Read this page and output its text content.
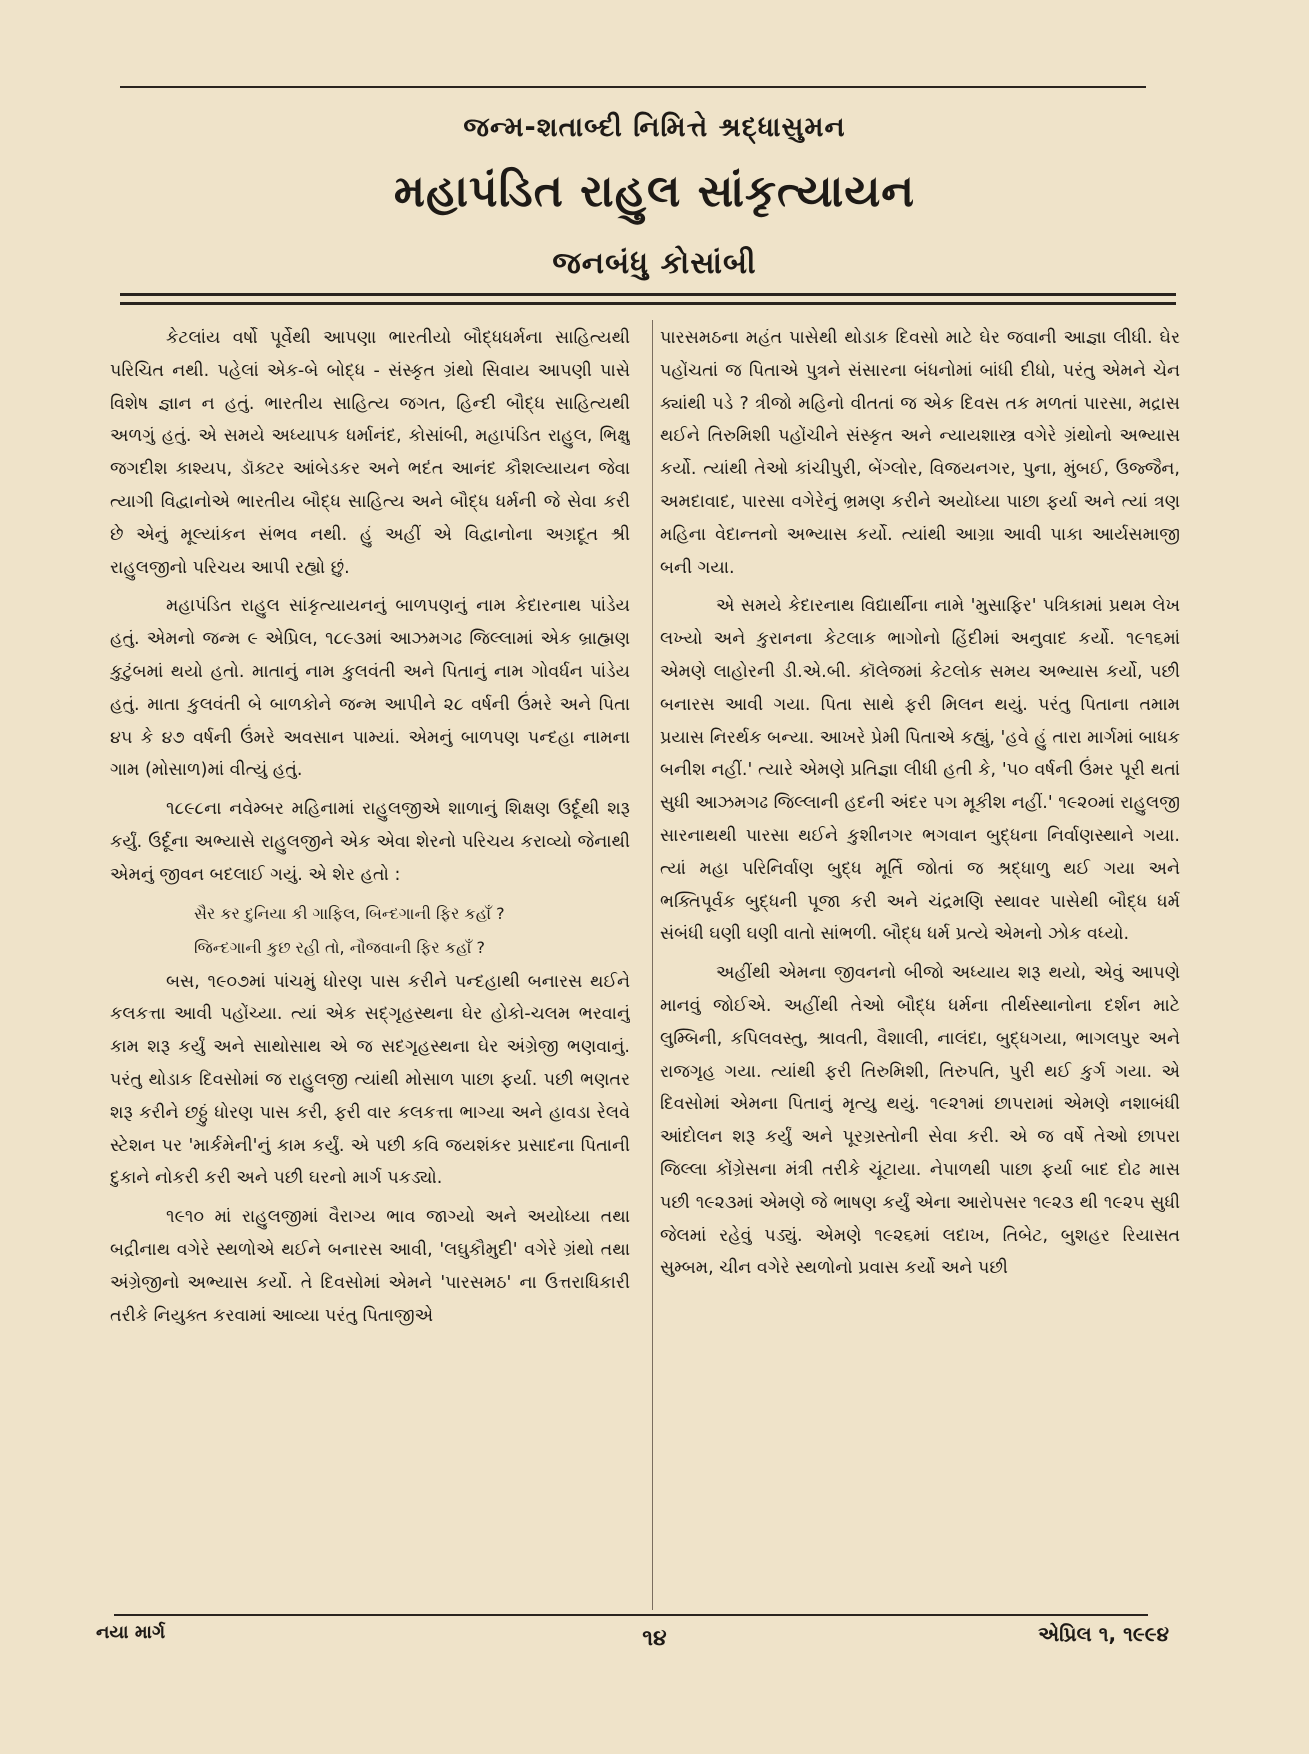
જન્મ-શતાબ્દી નિમિત્તે શ્રદ્ધાસુમન
મહાપંડિત રાહુલ સાંકૃત્યાયન
જનબંધુ કોસાંબી

કેટલાંય વર્ષો પૂર્વેથી આપણા ભારતીયો બૌદ્ધધર્મના સાહિત્યથી પરિચિત નથી. પહેલાં એક-બે બોદ્ધ - સંસ્કૃત ગ્રંથો સિવાય આપણી પાસે વિશેષ જ્ઞાન ન હતું. ભારતીય સાહિત્ય જગત, હિન્દી બૌદ્ધ સાહિત્યથી અળગું હતું. એ સમયે અધ્યાપક ધર્માનંદ, કોસાંબી, મહાપંડિત રાહુલ, ભિક્ષુ જગદીશ કાશ્યપ, ડૉક્ટર આંબેડકર અને ભદંત આનંદ કૌશલ્યાયન જેવા ત્યાગી વિદ્વાનોએ ભારતીય બૌદ્ધ સાહિત્ય અને બૌદ્ધ ધર્મની જે સેવા કરી છે એનું મૂલ્યાંકન સંભવ નથી. હું અહીં એ વિદ્વાનોના અગ્રદૂત શ્રી રાહુલજીનો પરિચય આપી રહ્યો છું.

મહાપંડિત રાહુલ સાંકૃત્યાયનનું બાળપણનું નામ કેદારનાથ પાંડેય હતું. એમનો જન્મ ૯ એપ્રિલ, ૧૮૯૩માં આઝમગઢ જિલ્લામાં એક બ્રાહ્મણ કુટુંબમાં થયો હતો. માતાનું નામ કુલવંતી અને પિતાનું નામ ગોવર્ધન પાંડેય હતું. માતા કુલવંતી બે બાળકોને જન્મ આપીને ૨૮ વર્ષની ઉંમરે અને પિતા ૪૫ કે ૪૭ વર્ષની ઉંમરે અવસાન પામ્યાં. એમનું બાળપણ પન્દહા નામના ગામ (મોસાળ)માં વીત્યું હતું.

૧૮૯૮ના નવેમ્બર મહિનામાં રાહુલજીએ શાળાનું શિક્ષણ ઉર્દૂથી શરૂ કર્યું. ઉર્દૂના અભ્યાસે રાહુલજીને એક એવા શેરનો પરિચય કરાવ્યો જેનાથી એમનું જીવન બદલાઈ ગયું. એ શેર હતો :

સૈર કર દુનિયા કી ગાફિલ, બિન્દગાની ફિર કહાઁ ?
જિન્દગાની કુછ રહી તો, નૌજવાની ફિર કહાઁ ?

બસ, ૧૯૦૭માં પાંચમું ધોરણ પાસ કરીને પન્દહાથી બનારસ થઈને કલકત્તા આવી પહોંચ્યા. ત્યાં એક સદ્ગૃહસ્થના ઘેર હોકો-ચલમ ભરવાનું કામ શરૂ કર્યું અને સાથોસાથ એ જ સદગૃહસ્થના ઘેર અંગ્રેજી ભણવાનું. પરંતુ થોડાક દિવસોમાં જ રાહુલજી ત્યાંથી મોસાળ પાછા ફર્યા. પછી ભણતર શરૂ કરીને છઠ્ઠું ધોરણ પાસ કરી, ફરી વાર કલકત્તા ભાગ્યા અને હાવડા રેલવે સ્ટેશન પર 'માર્કમેની'નું કામ કર્યું. એ પછી કવિ જયશંકર પ્રસાદના પિતાની દુકાને નોકરી કરી અને પછી ઘરનો માર્ગ પકડ્યો.

૧૯૧૦ માં રાહુલજીમાં વૈરાગ્ય ભાવ જાગ્યો અને અયોધ્યા તથા બદ્રીનાથ વગેરે સ્થળોએ થઈને બનારસ આવી, 'લઘુકૌમુદી' વગેરે ગ્રંથો તથા અંગ્રેજીનો અભ્યાસ કર્યો. તે દિવસોમાં એમને 'પારસમઠ' ના ઉત્તરાધિકારી તરીકે નિયુક્ત કરવામાં આવ્યા પરંતુ પિતાજીએ

પારસમઠના મહંત પાસેથી થોડાક દિવસો માટે ઘેર જવાની આજ્ઞા લીધી. ઘેર પહોંચતાં જ પિતાએ પુત્રને સંસારના બંધનોમાં બાંધી દીધો, પરંતુ એમને ચેન ક્યાંથી પડે ? ત્રીજો મહિનો વીતતાં જ એક દિવસ તક મળતાં પારસા, મદ્રાસ થઈને તિરુમિશી પહોંચીને સંસ્કૃત અને ન્યાયશાસ્ત્ર વગેરે ગ્રંથોનો અભ્યાસ કર્યો. ત્યાંથી તેઓ કાંચીપુરી, બેંગ્લોર, વિજયનગર, પુના, મુંબઈ, ઉજ્જૈન, અમદાવાદ, પારસા વગેરેનું ભ્રમણ કરીને અયોધ્યા પાછા ફર્યા અને ત્યાં ત્રણ મહિના વેદાન્તનો અભ્યાસ કર્યો. ત્યાંથી આગ્રા આવી પાકા આર્યસમાજી બની ગયા.

એ સમયે કેદારનાથ વિદ્યાર્થીના નામે 'મુસાફિર' પત્રિકામાં પ્રથમ લેખ લખ્યો અને કુરાનના કેટલાક ભાગોનો હિંદીમાં અનુવાદ કર્યો. ૧૯૧૬માં એમણે લાહોરની ડી.એ.બી. કૉલેજમાં કેટલોક સમય અભ્યાસ કર્યો, પછી બનારસ આવી ગયા. પિતા સાથે ફરી મિલન થયું. પરંતુ પિતાના તમામ પ્રયાસ નિરર્થક બન્યા. આખરે પ્રેમી પિતાએ કહ્યું, 'હવે હું તારા માર્ગમાં બાધક બનીશ નહીં.' ત્યારે એમણે પ્રતિજ્ઞા લીધી હતી કે, '૫૦ વર્ષની ઉંમર પૂરી થતાં સુધી આઝમગઢ જિલ્લાની હદની અંદર પગ મૂકીશ નહીં.' ૧૯૨૦માં રાહુલજી સારનાથથી પારસા થઈને કુશીનગર ભગવાન બુદ્ધના નિર્વાણસ્થાને ગયા. ત્યાં મહા પરિનિર્વાણ બુદ્ધ મૂર્તિ જોતાં જ શ્રદ્ધાળુ થઈ ગયા અને ભક્તિપૂર્વક બુદ્ધની પૂજા કરી અને ચંદ્રમણિ સ્થાવર પાસેથી બૌદ્ધ ધર્મ સંબંધી ઘણી ઘણી વાતો સાંભળી. બૌદ્ધ ધર્મ પ્રત્યે એમનો ઝોક વધ્યો.

અહીંથી એમના જીવનનો બીજો અધ્યાય શરૂ થયો, એવું આપણે માનવું જોઈએ. અહીંથી તેઓ બૌદ્ધ ધર્મના તીર્થસ્થાનોના દર્શન માટે લુમ્બિની, કપિલવસ્તુ, શ્રાવતી, વૈશાલી, નાલંદા, બુદ્ધગયા, ભાગલપુર અને રાજગૃહ ગયા. ત્યાંથી ફરી તિરુમિશી, તિરુપતિ, પુરી થઈ કુર્ગ ગયા. એ દિવસોમાં એમના પિતાનું મૃત્યુ થયું. ૧૯૨૧માં છાપરામાં એમણે નશાબંધી આંદોલન શરૂ કર્યું અને પૂરગ્રસ્તોની સેવા કરી. એ જ વર્ષે તેઓ છાપરા જિલ્લા કોંગ્રેસના મંત્રી તરીકે ચૂંટાયા. નેપાળથી પાછા ફર્યા બાદ દોઢ માસ પછી ૧૯૨૩માં એમણે જે ભાષણ કર્યું એના આરોપસર ૧૯૨૩ થી ૧૯૨૫ સુધી જેલમાં રહેવું પડ્યું. એમણે ૧૯૨૬માં લદાખ, તિબેટ, બુશહર રિયાસત સુમ્બમ, ચીન વગેરે સ્થળોનો પ્રવાસ કર્યો અને પછી

નયા માર્ગ	૧૪	એપ્રિલ ૧, ૧૯૯૪
